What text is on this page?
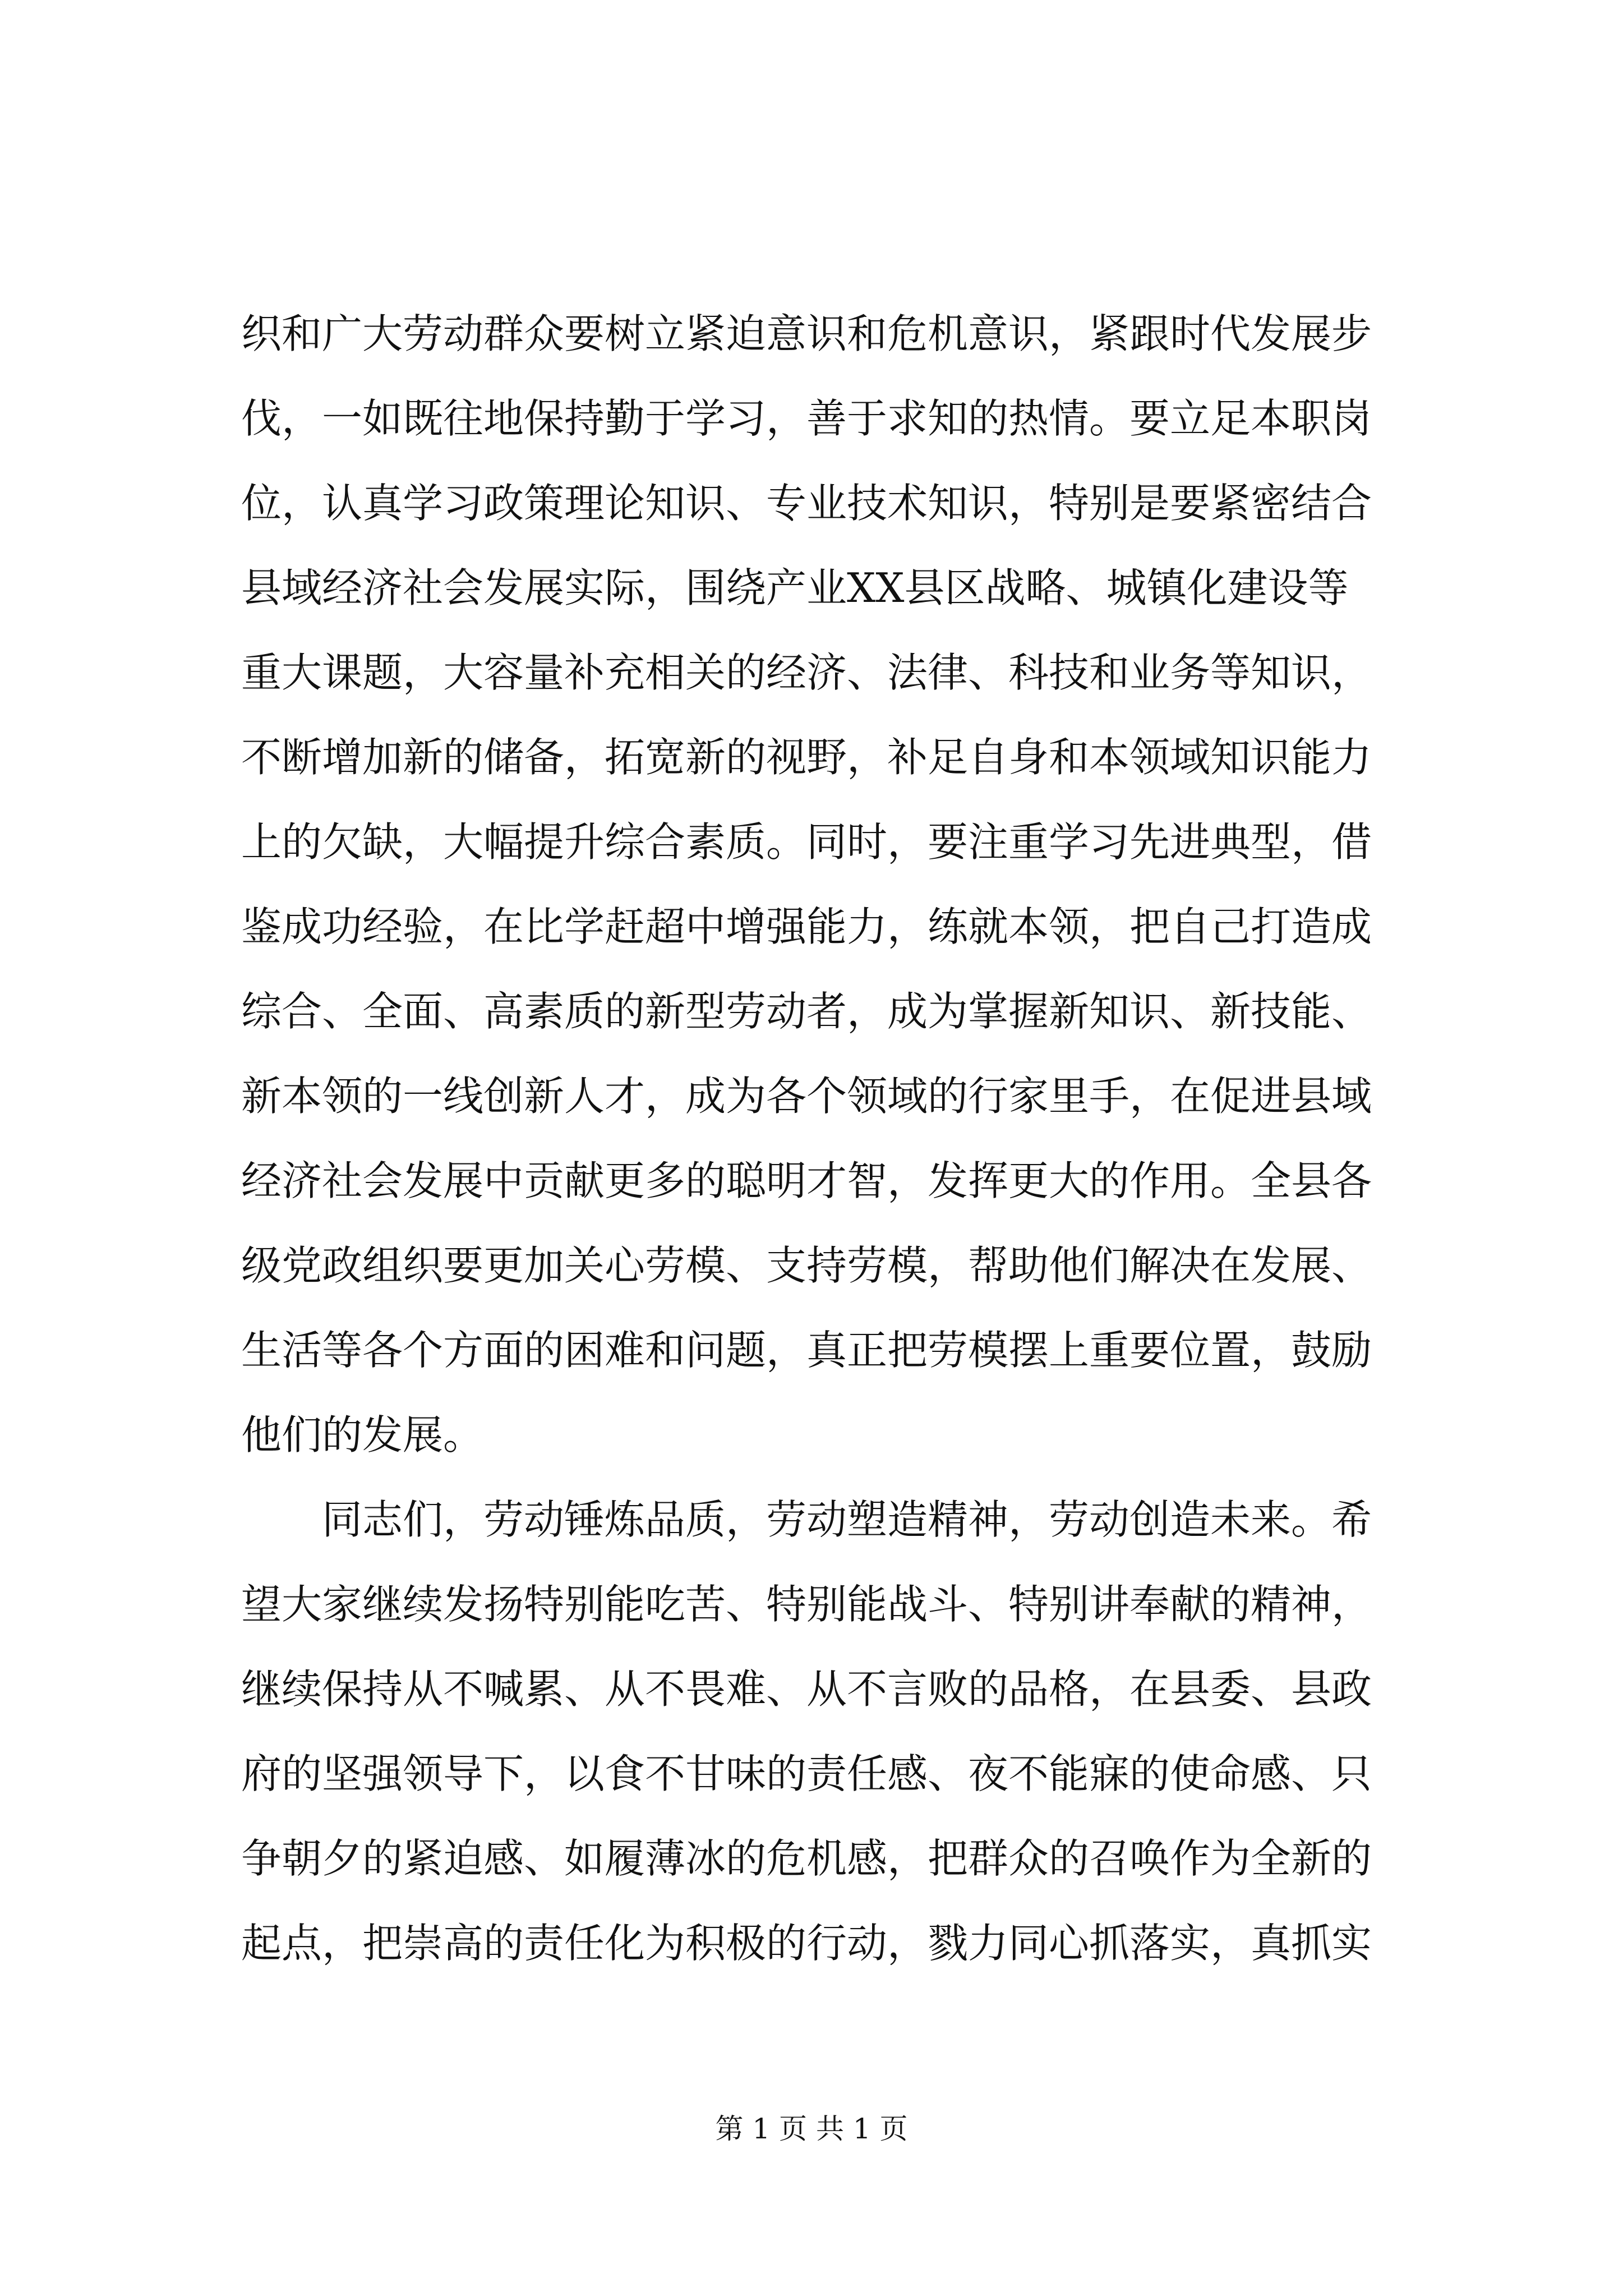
织和广大劳动群众要树立紧迫意识和危机意识，紧跟时代发展步
伐，一如既往地保持勤于学习，善于求知的热情。要立足本职岗
位，认真学习政策理论知识、专业技术知识，特别是要紧密结合
县域经济社会发展实际，围绕产业XX县区战略、城镇化建设等
重大课题，大容量补充相关的经济、法律、科技和业务等知识，
不断增加新的储备，拓宽新的视野，补足自身和本领域知识能力
上的欠缺，大幅提升综合素质。同时，要注重学习先进典型，借
鉴成功经验，在比学赶超中增强能力，练就本领，把自己打造成
综合、全面、高素质的新型劳动者，成为掌握新知识、新技能、
新本领的一线创新人才，成为各个领域的行家里手，在促进县域
经济社会发展中贡献更多的聪明才智，发挥更大的作用。全县各
级党政组织要更加关心劳模、支持劳模，帮助他们解决在发展、
生活等各个方面的困难和问题，真正把劳模摆上重要位置，鼓励
他们的发展。
同志们，劳动锤炼品质，劳动塑造精神，劳动创造未来。希
望大家继续发扬特别能吃苦、特别能战斗、特别讲奉献的精神，
继续保持从不喊累、从不畏难、从不言败的品格，在县委、县政
府的坚强领导下，以食不甘味的责任感、夜不能寐的使命感、只
争朝夕的紧迫感、如履薄冰的危机感，把群众的召唤作为全新的
起点，把崇高的责任化为积极的行动，戮力同心抓落实，真抓实
第 1 页 共 1 页
